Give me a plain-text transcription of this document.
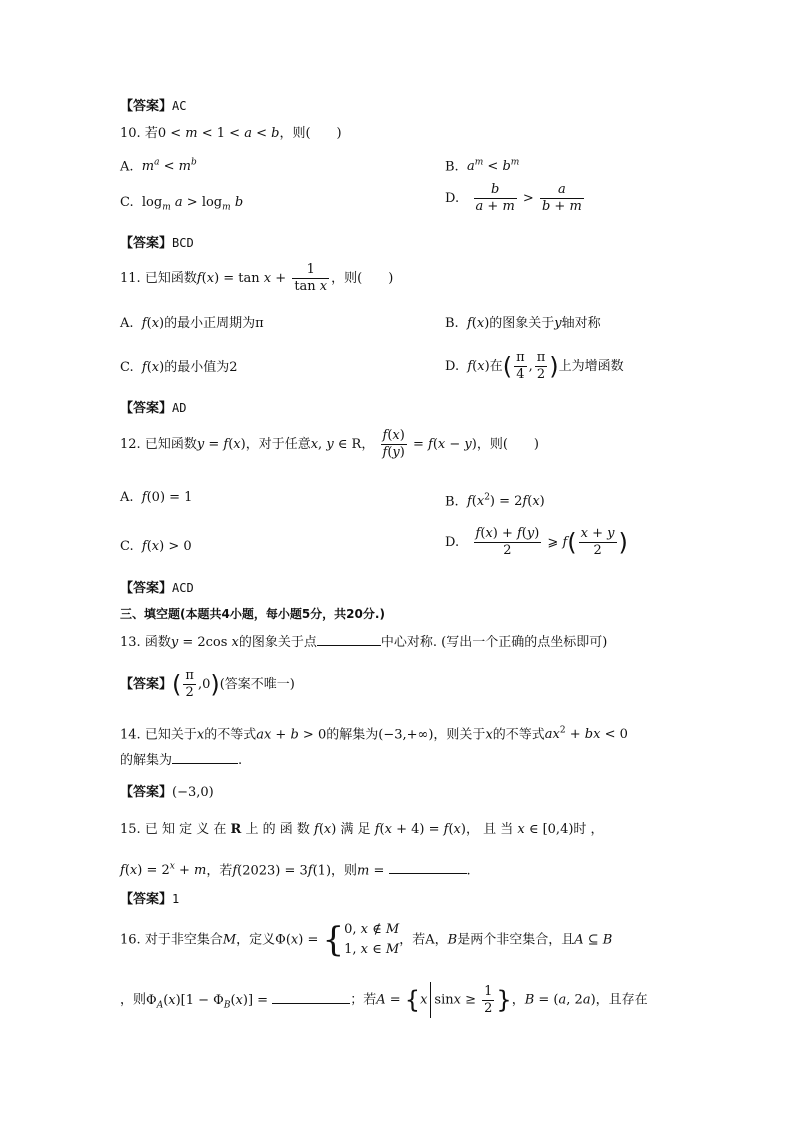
【答案】AC
10. 若0 < m < 1 < a < b，则(　　)
A. $m^a < m^b$	B. $a^m < b^m$
C. $\log_m a > \log_m b$	D. $\frac{b}{a + m} > \frac{a}{b + m}$
【答案】BCD
11. 已知函数$f(x) = \tan x + \frac{1}{\text{tan x}}$ ，则(　　)
A. f(x)的最小正周期为π	B. f(x)的图象关于y轴对称
C. f(x)的最小值为2	D. f(x)在( $\frac{\pi}{4}$ , $\frac{\pi}{2}$ )上为增函数
【答案】AD
12. 已知函数y = f(x)，对于任意x, y ∈ R， $\frac{f(x)}{f(y)} = f(x - y)$，则(　　)
A. f(0) = 1	B. $f(x^2) = 2f(x)$
C. f(x) > 0	D. $\frac{f(x) + f(y)}{2}$ ⩾ $f( \frac{x + y}{2}$ )
【答案】ACD
三、填空题(本题共4小题，每小题5分，共20分.)
13. 函数y = 2cos x的图象关于点	中心对称. (写出一个正确的点坐标即可)
【答案】( $\frac{\pi}{2} ,0$)(答案不唯一)
14. 已知关于x的不等式ax + b > 0的解集为(−3,+∞)，则关于x的不等式$ax^2$ + bx < 0
的解集为	.
【答案】(−3,0)
15. 已 知 定 义 在 R 上 的 函 数 f(x) 满 足 f(x + 4) = f(x)， 且 当 x ∈ [0,4)时 ，
$f(x) = 2^x + m$，若f(2023) = 3f(1)，则m =	.
【答案】1
16. 对于非空集合M，定义Φ(x) = {0, x ∉ M
1, x ∈ M，若A，B是两个非空集合，且A ⊆ B
，则$\Phi_A(x)[1 - \Phi_B(x)]$ =	；若A = {x $\sin x \ge \frac{1}{2}$ }，B = (a, 2a)，且存在
